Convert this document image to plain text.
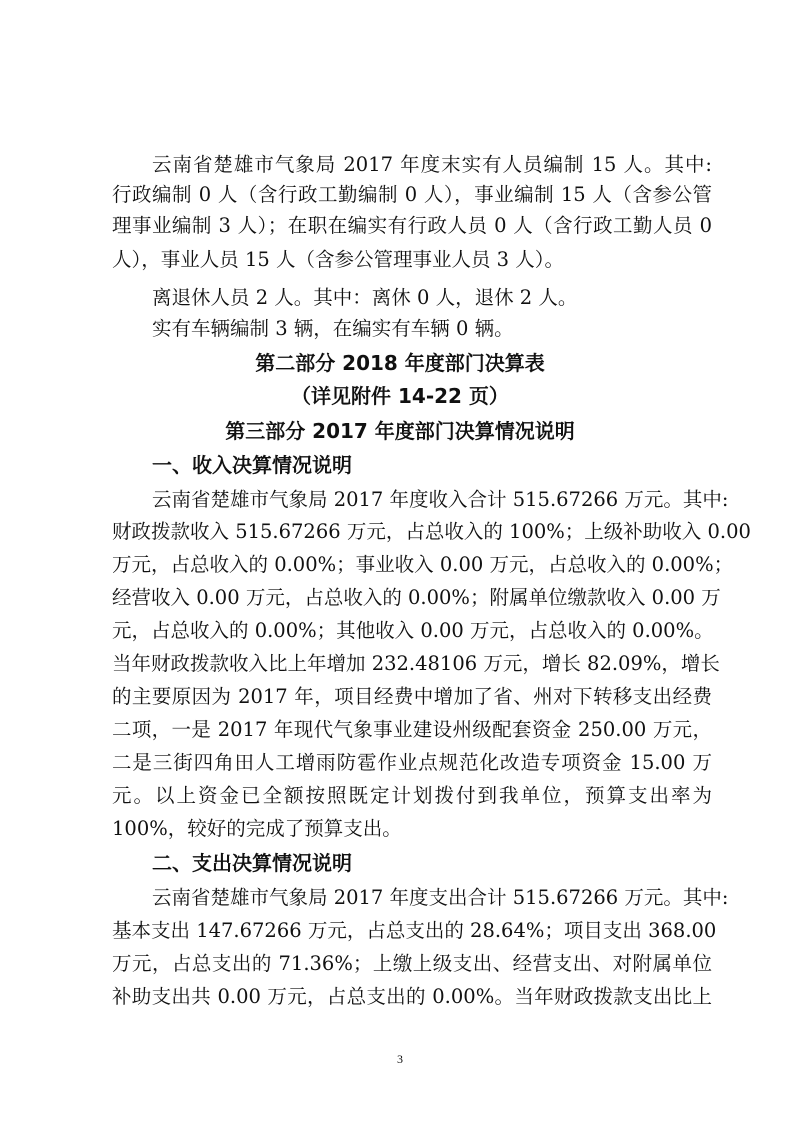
云南省楚雄市气象局 2017 年度末实有人员编制 15 人。其中:
行政编制 0 人（含行政工勤编制 0 人），事业编制 15 人（含参公管
理事业编制 3 人）；在职在编实有行政人员 0 人（含行政工勤人员 0
人），事业人员 15 人（含参公管理事业人员 3 人）。
离退休人员 2 人。其中：离休 0 人，退休 2 人。
实有车辆编制 3 辆，在编实有车辆 0 辆。
第二部分 2018 年度部门决算表
（详见附件 14-22 页）
第三部分 2017 年度部门决算情况说明
一、收入决算情况说明
云南省楚雄市气象局 2017 年度收入合计 515.67266 万元。其中:
财政拨款收入 515.67266 万元，占总收入的 100%；上级补助收入 0.00
万元，占总收入的 0.00%；事业收入 0.00 万元，占总收入的 0.00%；
经营收入 0.00 万元，占总收入的 0.00%；附属单位缴款收入 0.00 万
元，占总收入的 0.00%；其他收入 0.00 万元，占总收入的 0.00%。
当年财政拨款收入比上年增加 232.48106 万元，增长 82.09%，增长
的主要原因为 2017 年，项目经费中增加了省、州对下转移支出经费
二项，一是 2017 年现代气象事业建设州级配套资金 250.00 万元，
二是三街四角田人工增雨防雹作业点规范化改造专项资金 15.00 万
元。以上资金已全额按照既定计划拨付到我单位，预算支出率为
100%，较好的完成了预算支出。
二、支出决算情况说明
云南省楚雄市气象局 2017 年度支出合计 515.67266 万元。其中:
基本支出 147.67266 万元，占总支出的 28.64%；项目支出 368.00
万元，占总支出的 71.36%；上缴上级支出、经营支出、对附属单位
补助支出共 0.00 万元，占总支出的 0.00%。当年财政拨款支出比上
3
